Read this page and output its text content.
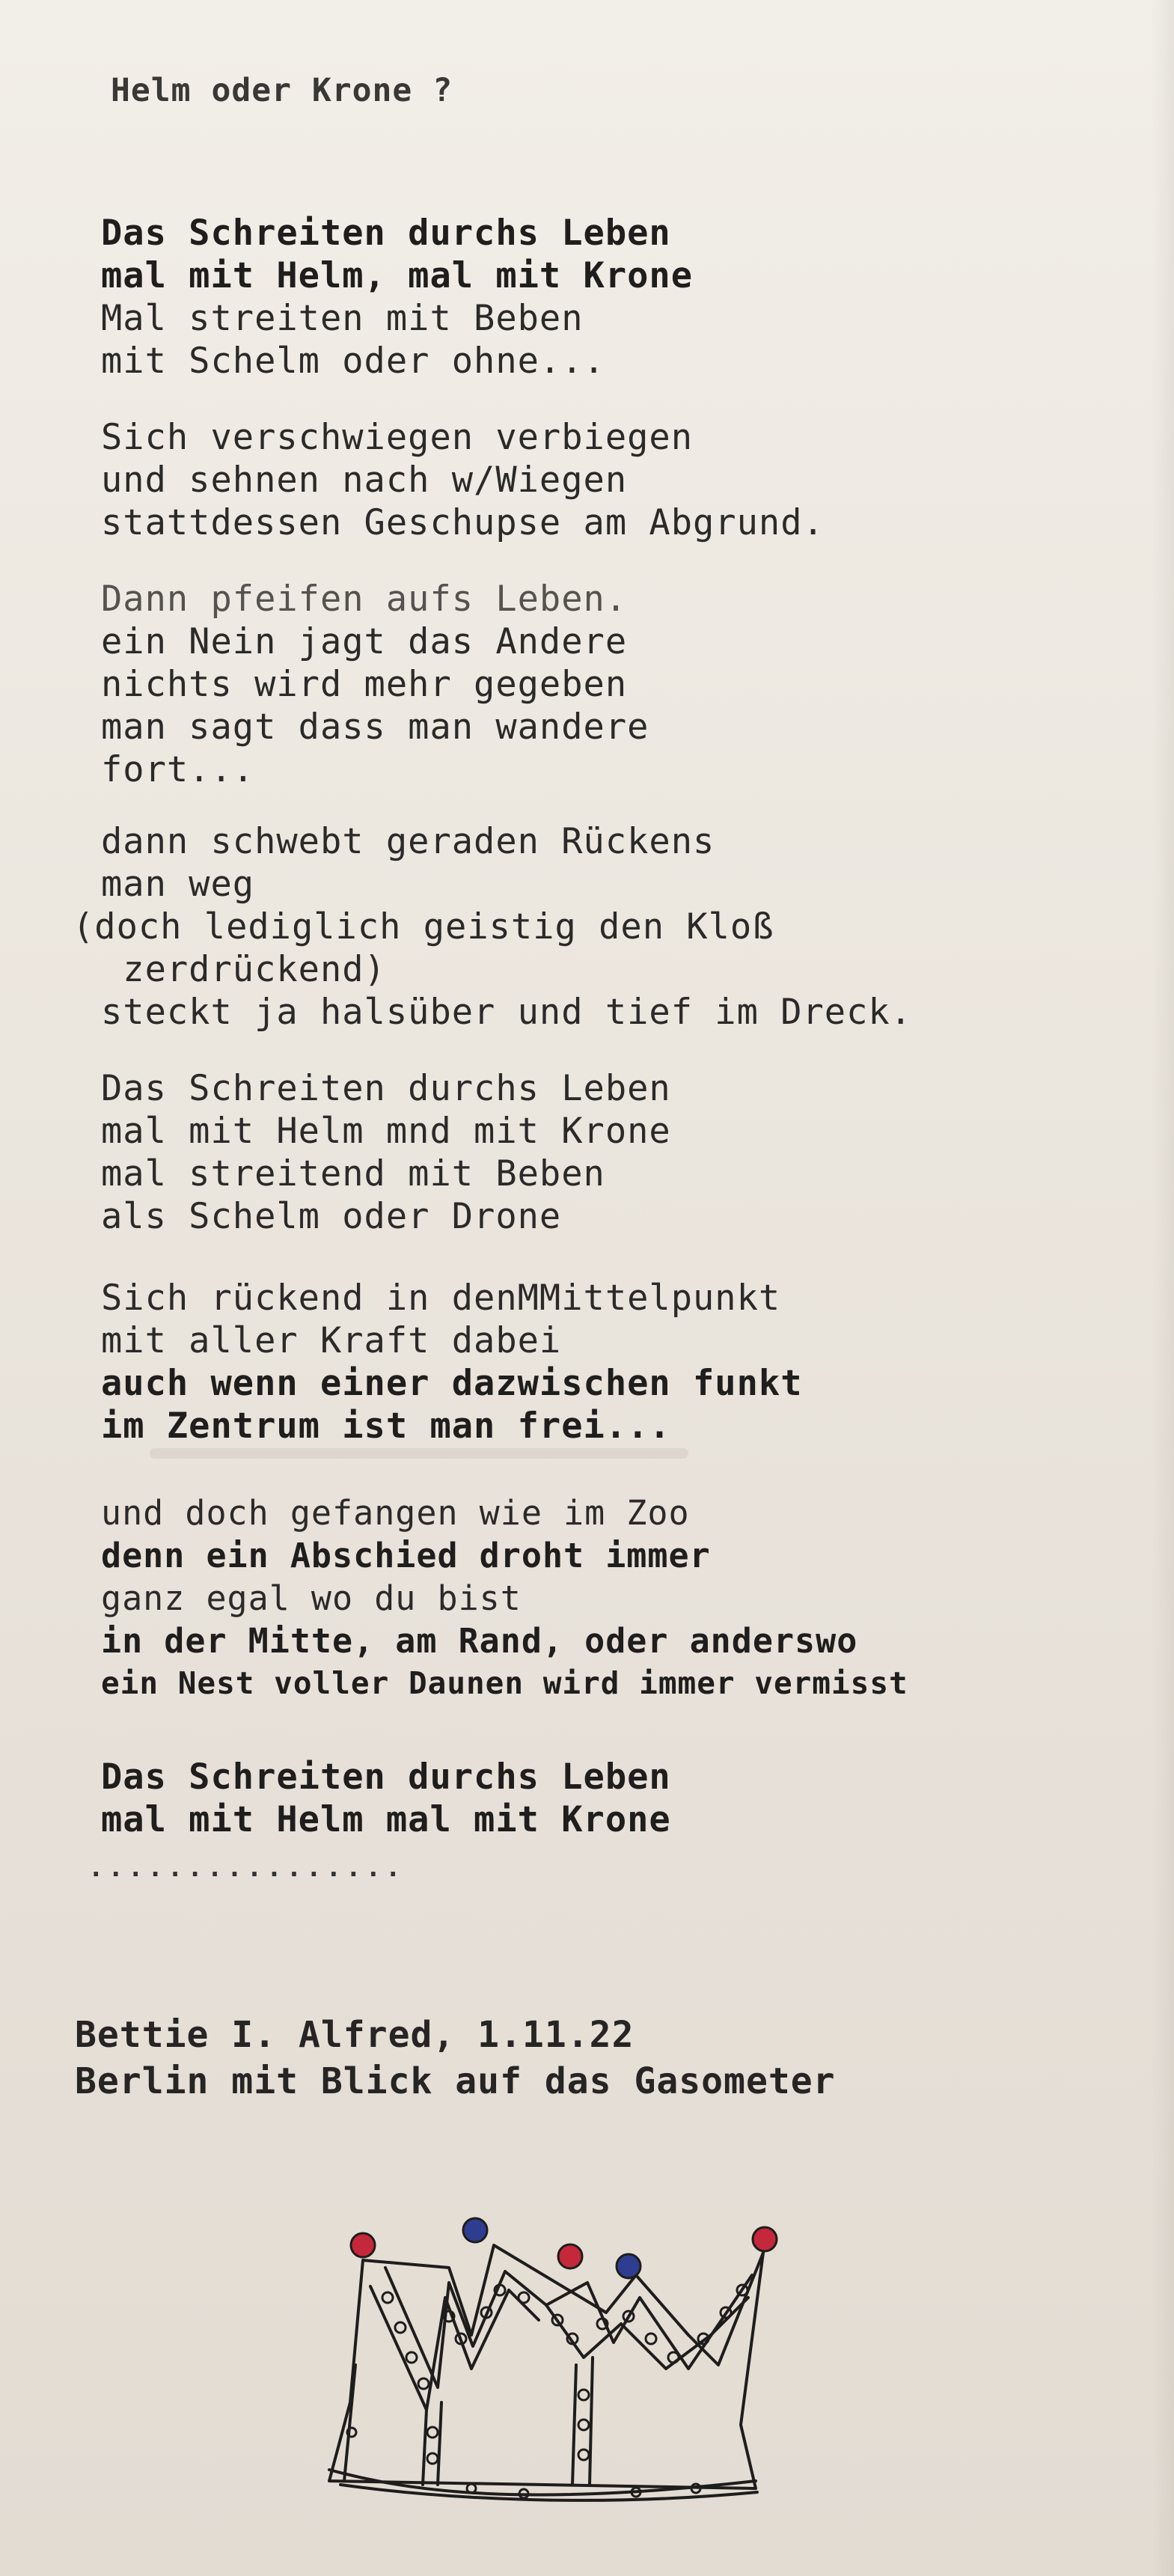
Helm oder Krone ?
Das Schreiten durchs Leben
mal mit Helm, mal mit Krone
Mal streiten mit Beben
mit Schelm oder ohne...
Sich verschwiegen verbiegen
und sehnen nach w/Wiegen
stattdessen Geschupse am Abgrund.
Dann pfeifen aufs Leben.
ein Nein jagt das Andere
nichts wird mehr gegeben
man sagt dass man wandere
fort...
dann schwebt geraden Rückens
man weg
(doch lediglich geistig den Kloß
zerdrückend)
steckt ja halsüber und tief im Dreck.
Das Schreiten durchs Leben
mal mit Helm mnd mit Krone
mal streitend mit Beben
als Schelm oder Drone
Sich rückend in denMMittelpunkt
mit aller Kraft dabei
auch wenn einer dazwischen funkt
im Zentrum ist man frei...
und doch gefangen wie im Zoo
denn ein Abschied droht immer
ganz egal wo du bist
in der Mitte, am Rand, oder anderswo
ein Nest voller Daunen wird immer vermisst
Das Schreiten durchs Leben
mal mit Helm mal mit Krone
................
Bettie I. Alfred, 1.11.22
Berlin mit Blick auf das Gasometer
